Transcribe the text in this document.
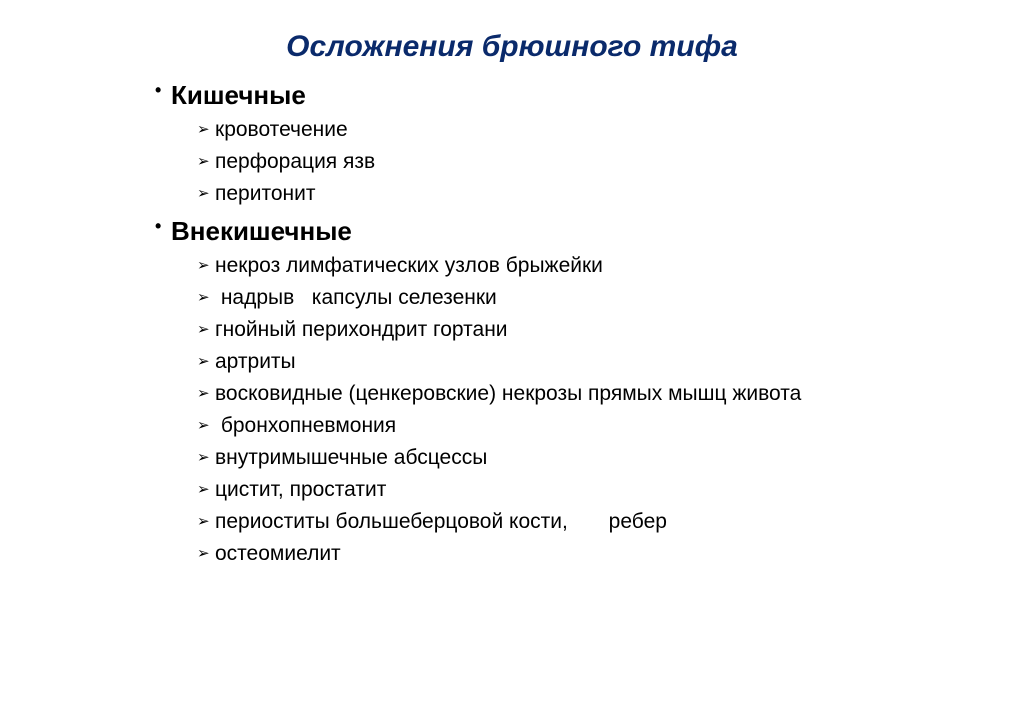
Осложнения брюшного тифа
• Кишечные
➢ кровотечение
➢ перфорация язв
➢ перитонит
• Внекишечные
➢ некроз лимфатических узлов брыжейки
➢ надрыв   капсулы селезенки
➢ гнойный перихондрит гортани
➢ артриты
➢ восковидные (ценкеровские) некрозы прямых мышц живота
➢ бронхопневмония
➢ внутримышечные абсцессы
➢ цистит, простатит
➢ периоститы большеберцовой кости,       ребер
➢ остеомиелит
